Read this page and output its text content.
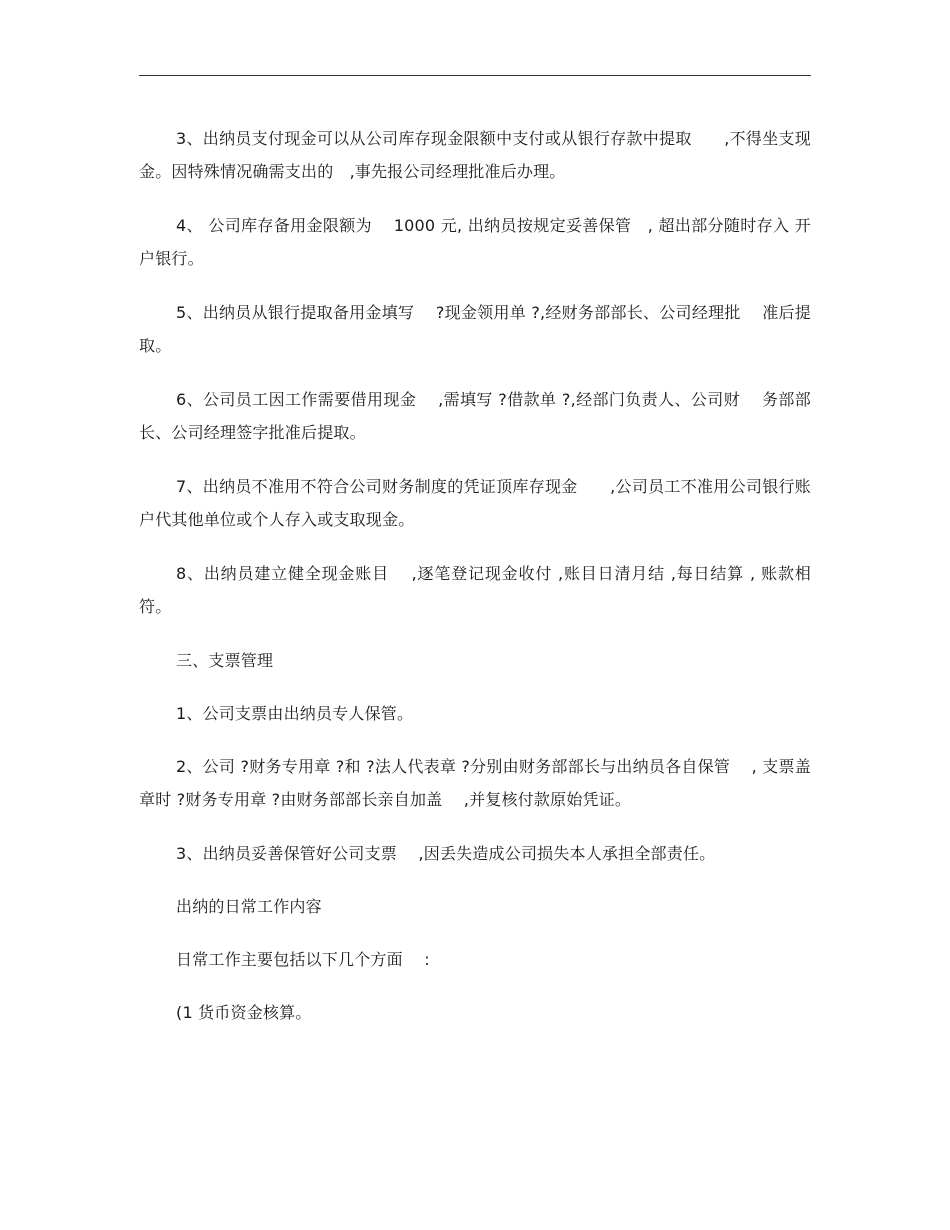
3、出纳员支付现金可以从公司库存现金限额中支付或从银行存款中提取　　,不得坐支现金。因特殊情况确需支出的　,事先报公司经理批准后办理。

4、 公司库存备用金限额为　 1000 元, 出纳员按规定妥善保管　, 超出部分随时存入 开户银行。

5、出纳员从银行提取备用金填写　 ?现金领用单 ?,经财务部部长、公司经理批　 准后提取。

6、公司员工因工作需要借用现金　 ,需填写 ?借款单 ?,经部门负责人、公司财　 务部部长、公司经理签字批准后提取。

7、出纳员不准用不符合公司财务制度的凭证顶库存现金　　,公司员工不准用公司银行账户代其他单位或个人存入或支取现金。

8、出纳员建立健全现金账目　 ,逐笔登记现金收付 ,账目日清月结 ,每日结算 , 账款相符。

三、支票管理

1、公司支票由出纳员专人保管。

2、公司 ?财务专用章 ?和 ?法人代表章 ?分别由财务部部长与出纳员各自保管　 , 支票盖章时 ?财务专用章 ?由财务部部长亲自加盖　 ,并复核付款原始凭证。

3、出纳员妥善保管好公司支票　 ,因丢失造成公司损失本人承担全部责任。

出纳的日常工作内容

日常工作主要包括以下几个方面　 :

(1 货币资金核算。
